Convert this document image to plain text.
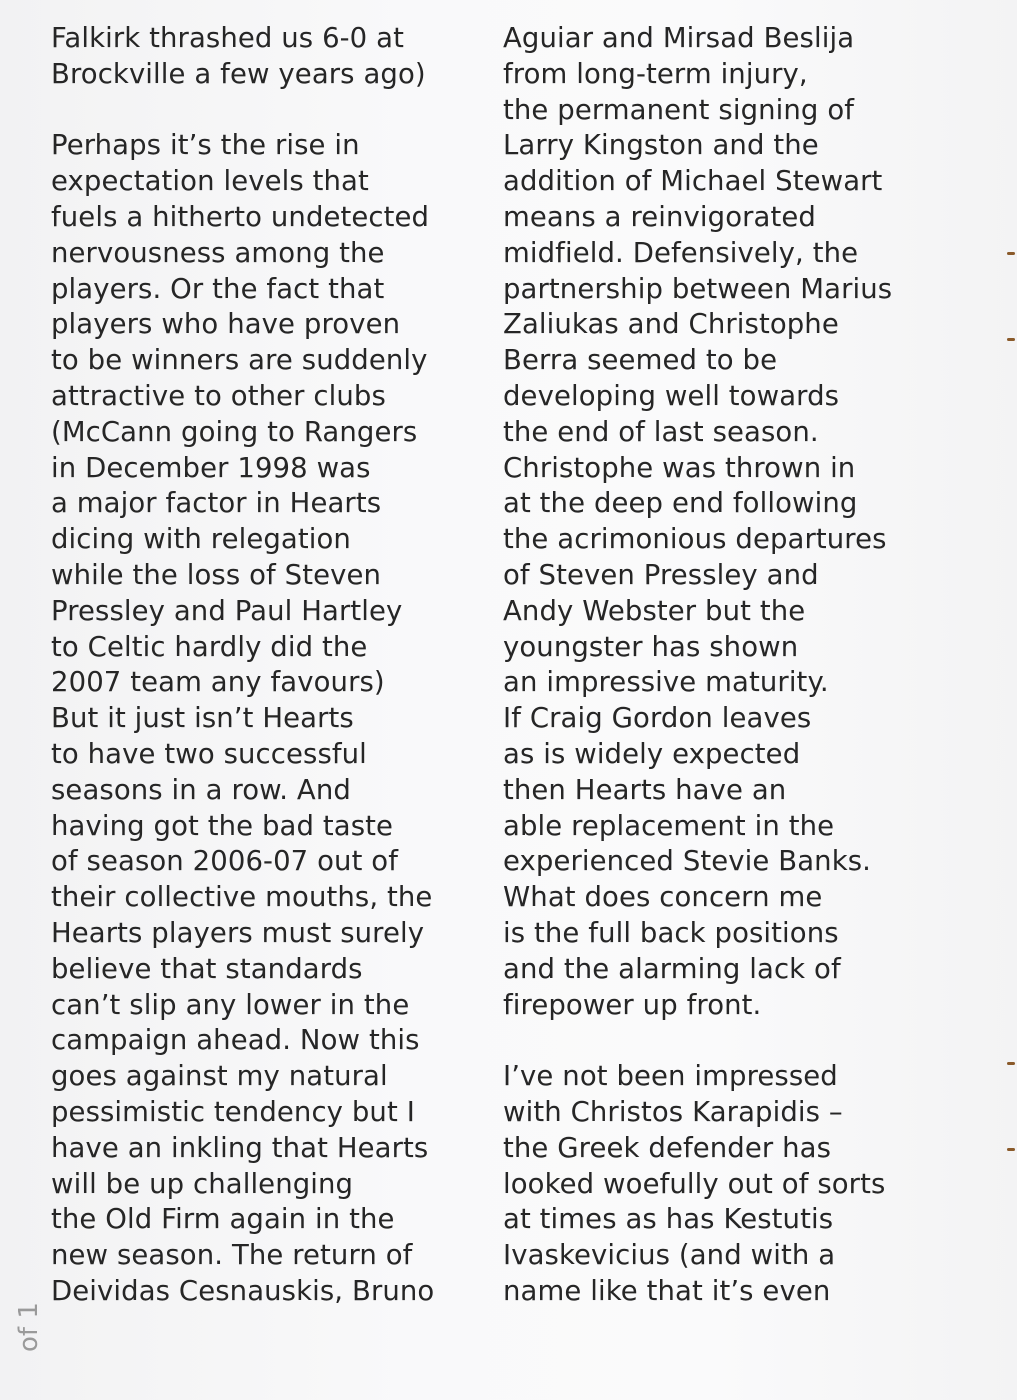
Falkirk thrashed us 6-0 at
Brockville a few years ago)
Perhaps it’s the rise in
expectation levels that
fuels a hitherto undetected
nervousness among the
players. Or the fact that
players who have proven
to be winners are suddenly
attractive to other clubs
(McCann going to Rangers
in December 1998 was
a major factor in Hearts
dicing with relegation
while the loss of Steven
Pressley and Paul Hartley
to Celtic hardly did the
2007 team any favours)
But it just isn’t Hearts
to have two successful
seasons in a row. And
having got the bad taste
of season 2006-07 out of
their collective mouths, the
Hearts players must surely
believe that standards
can’t slip any lower in the
campaign ahead. Now this
goes against my natural
pessimistic tendency but I
have an inkling that Hearts
will be up challenging
the Old Firm again in the
new season. The return of
Deividas Cesnauskis, Bruno
Aguiar and Mirsad Beslija
from long-term injury,
the permanent signing of
Larry Kingston and the
addition of Michael Stewart
means a reinvigorated
midfield. Defensively, the
partnership between Marius
Zaliukas and Christophe
Berra seemed to be
developing well towards
the end of last season.
Christophe was thrown in
at the deep end following
the acrimonious departures
of Steven Pressley and
Andy Webster but the
youngster has shown
an impressive maturity.
If Craig Gordon leaves
as is widely expected
then Hearts have an
able replacement in the
experienced Stevie Banks.
What does concern me
is the full back positions
and the alarming lack of
firepower up front.
I’ve not been impressed
with Christos Karapidis –
the Greek defender has
looked woefully out of sorts
at times as has Kestutis
Ivaskevicius (and with a
name like that it’s even
of 1
